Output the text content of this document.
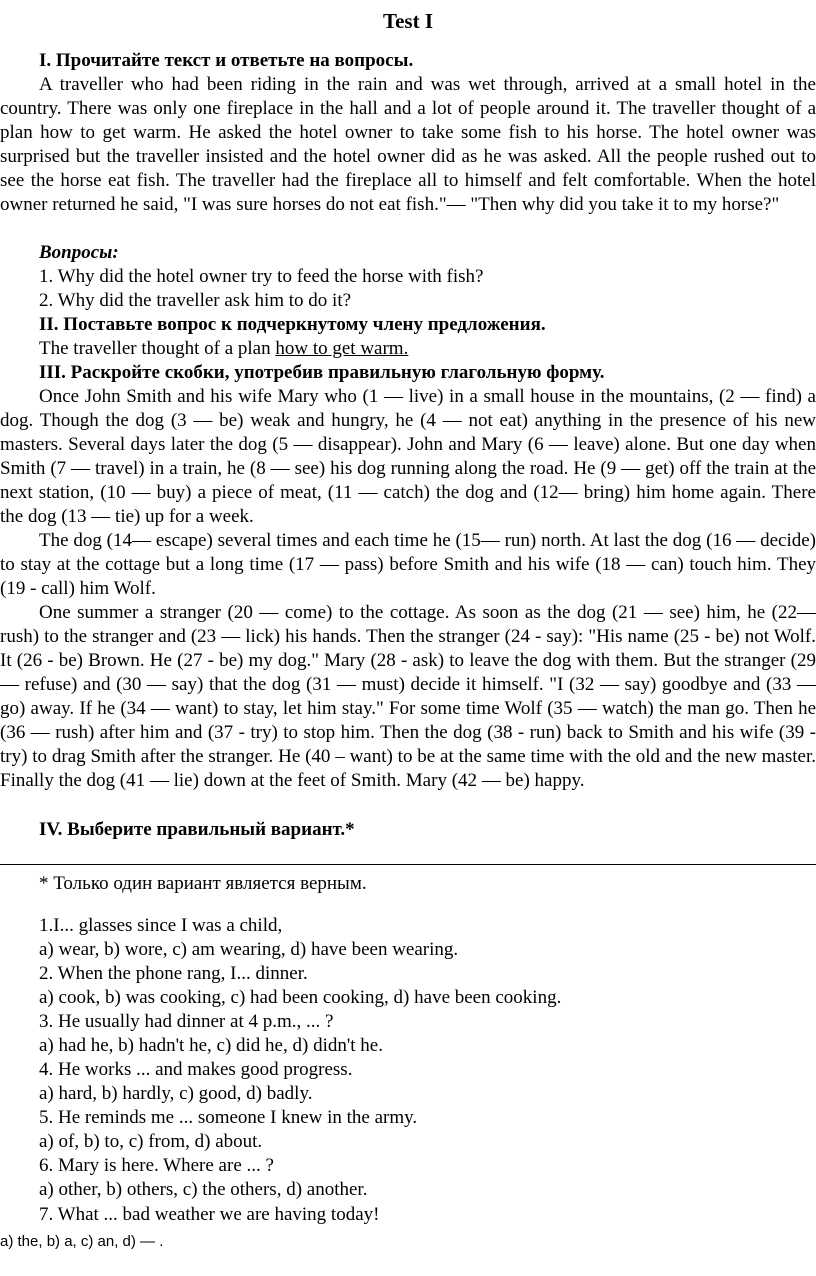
Test I
I. Прочитайте текст и ответьте на вопросы.
A traveller who had been riding in the rain and was wet through, arrived at a small hotel in the country. There was only one fireplace in the hall and a lot of people around it. The traveller thought of a plan how to get warm. He asked the hotel owner to take some fish to his horse. The hotel owner was surprised but the traveller insisted and the hotel owner did as he was asked. All the people rushed out to see the horse eat fish. The traveller had the fireplace all to himself and felt comfortable. When the hotel owner returned he said, "I was sure horses do not eat fish."— "Then why did you take it to my horse?"
Вопросы:
1. Why did the hotel owner try to feed the horse with fish?
2. Why did the traveller ask him to do it?
II. Поставьте вопрос к подчеркнутому члену предложения.
The traveller thought of a plan how to get warm.
III. Раскройте скобки, употребив правильную глагольную форму.
Once John Smith and his wife Mary who (1 — live) in a small house in the mountains, (2 — find) a dog. Though the dog (3 — be) weak and hungry, he (4 — not eat) anything in the presence of his new masters. Several days later the dog (5 — disappear). John and Mary (6 — leave) alone. But one day when Smith (7 — travel) in a train, he (8 — see) his dog running along the road. He (9 — get) off the train at the next station, (10 — buy) a piece of meat, (11 — catch) the dog and (12— bring) him home again. There the dog (13 — tie) up for a week.
The dog (14— escape) several times and each time he (15— run) north. At last the dog (16 — decide) to stay at the cottage but a long time (17 — pass) before Smith and his wife (18 — can) touch him. They (19 - call) him Wolf.
One summer a stranger (20 — come) to the cottage. As soon as the dog (21 — see) him, he (22— rush) to the stranger and (23 — lick) his hands. Then the stranger (24 - say): "His name (25 - be) not Wolf. It (26 - be) Brown. He (27 - be) my dog." Mary (28 - ask) to leave the dog with them. But the stranger (29 — refuse) and (30 — say) that the dog (31 — must) decide it himself. "I (32 — say) goodbye and (33 — go) away. If he (34 — want) to stay, let him stay." For some time Wolf (35 — watch) the man go. Then he (36 — rush) after him and (37 - try) to stop him. Then the dog (38 - run) back to Smith and his wife (39 - try) to drag Smith after the stranger. He (40 – want) to be at the same time with the old and the new master. Finally the dog (41 — lie) down at the feet of Smith. Mary (42 — be) happy.
IV. Выберите правильный вариант.*
* Только один вариант является верным.
1.I... glasses since I was a child,
a) wear, b) wore, c) am wearing, d) have been wearing.
2. When the phone rang, I... dinner.
a) cook, b) was cooking, c) had been cooking, d) have been cooking.
3. He usually had dinner at 4 p.m., ... ?
a) had he, b) hadn't he, c) did he, d) didn't he.
4. He works ... and makes good progress.
a) hard, b) hardly, c) good, d) badly.
5. He reminds me ... someone I knew in the army.
a) of, b) to, c) from, d) about.
6. Mary is here. Where are ... ?
a) other, b) others, c) the others, d) another.
7. What ... bad weather we are having today!
a) the, b) a, c) an, d) — .
